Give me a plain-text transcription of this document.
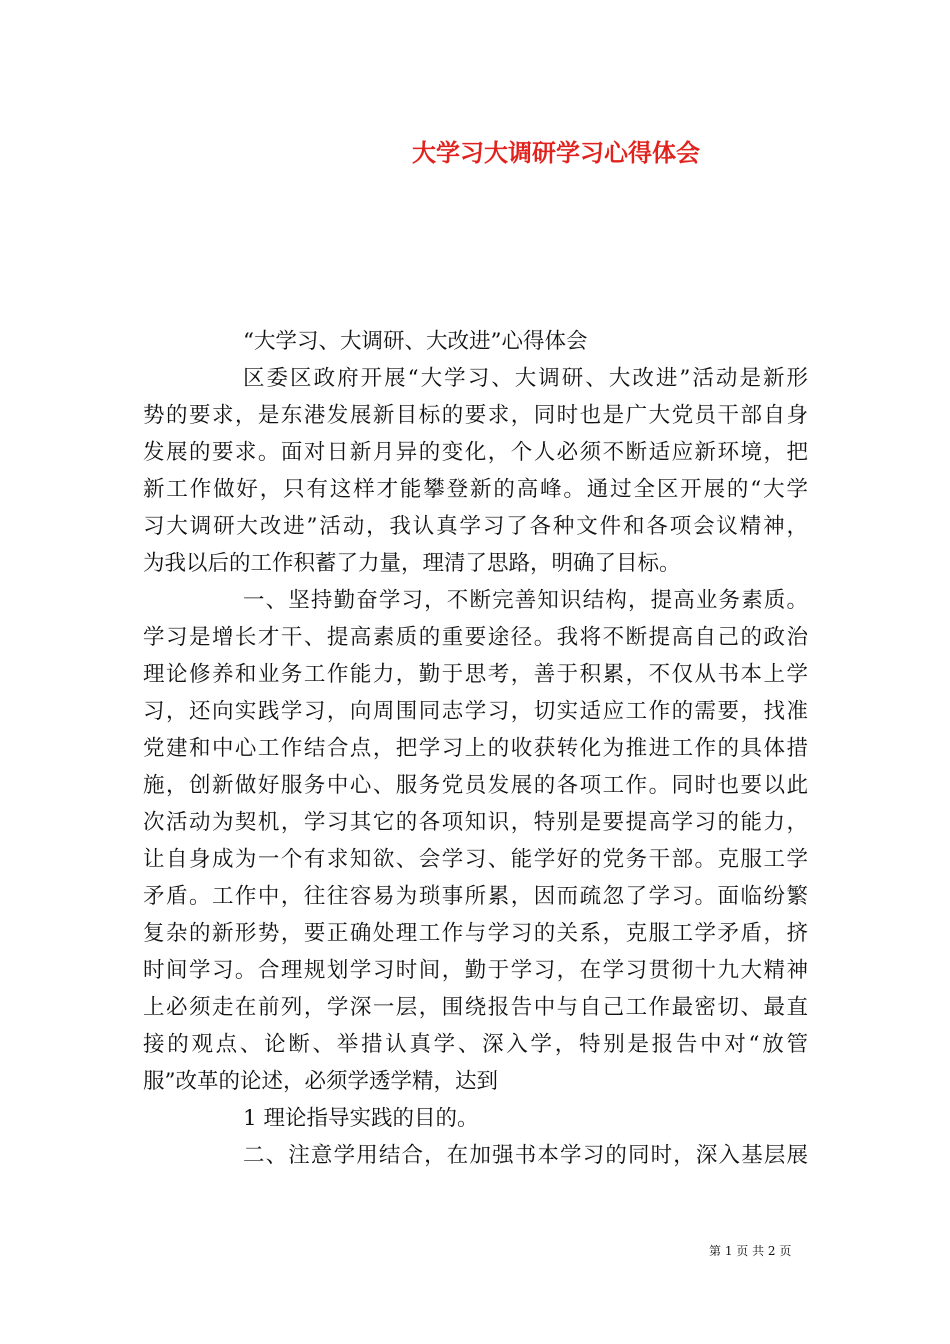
大学习大调研学习心得体会
“大学习、大调研、大改进”心得体会
区委区政府开展“大学习、大调研、大改进”活动是新形
势的要求，是东港发展新目标的要求，同时也是广大党员干部自身
发展的要求。面对日新月异的变化，个人必须不断适应新环境，把
新工作做好，只有这样才能攀登新的高峰。通过全区开展的“大学
习大调研大改进”活动，我认真学习了各种文件和各项会议精神，
为我以后的工作积蓄了力量，理清了思路，明确了目标。
一、坚持勤奋学习，不断完善知识结构，提高业务素质。
学习是增长才干、提高素质的重要途径。我将不断提高自己的政治
理论修养和业务工作能力，勤于思考，善于积累，不仅从书本上学
习，还向实践学习，向周围同志学习，切实适应工作的需要，找准
党建和中心工作结合点，把学习上的收获转化为推进工作的具体措
施，创新做好服务中心、服务党员发展的各项工作。同时也要以此
次活动为契机，学习其它的各项知识，特别是要提高学习的能力，
让自身成为一个有求知欲、会学习、能学好的党务干部。克服工学
矛盾。工作中，往往容易为琐事所累，因而疏忽了学习。面临纷繁
复杂的新形势，要正确处理工作与学习的关系，克服工学矛盾，挤
时间学习。合理规划学习时间，勤于学习，在学习贯彻十九大精神
上必须走在前列，学深一层，围绕报告中与自己工作最密切、最直
接的观点、论断、举措认真学、深入学，特别是报告中对“放管
服”改革的论述，必须学透学精，达到
1 理论指导实践的目的。
二、注意学用结合，在加强书本学习的同时，深入基层展
第 1 页 共 2 页
